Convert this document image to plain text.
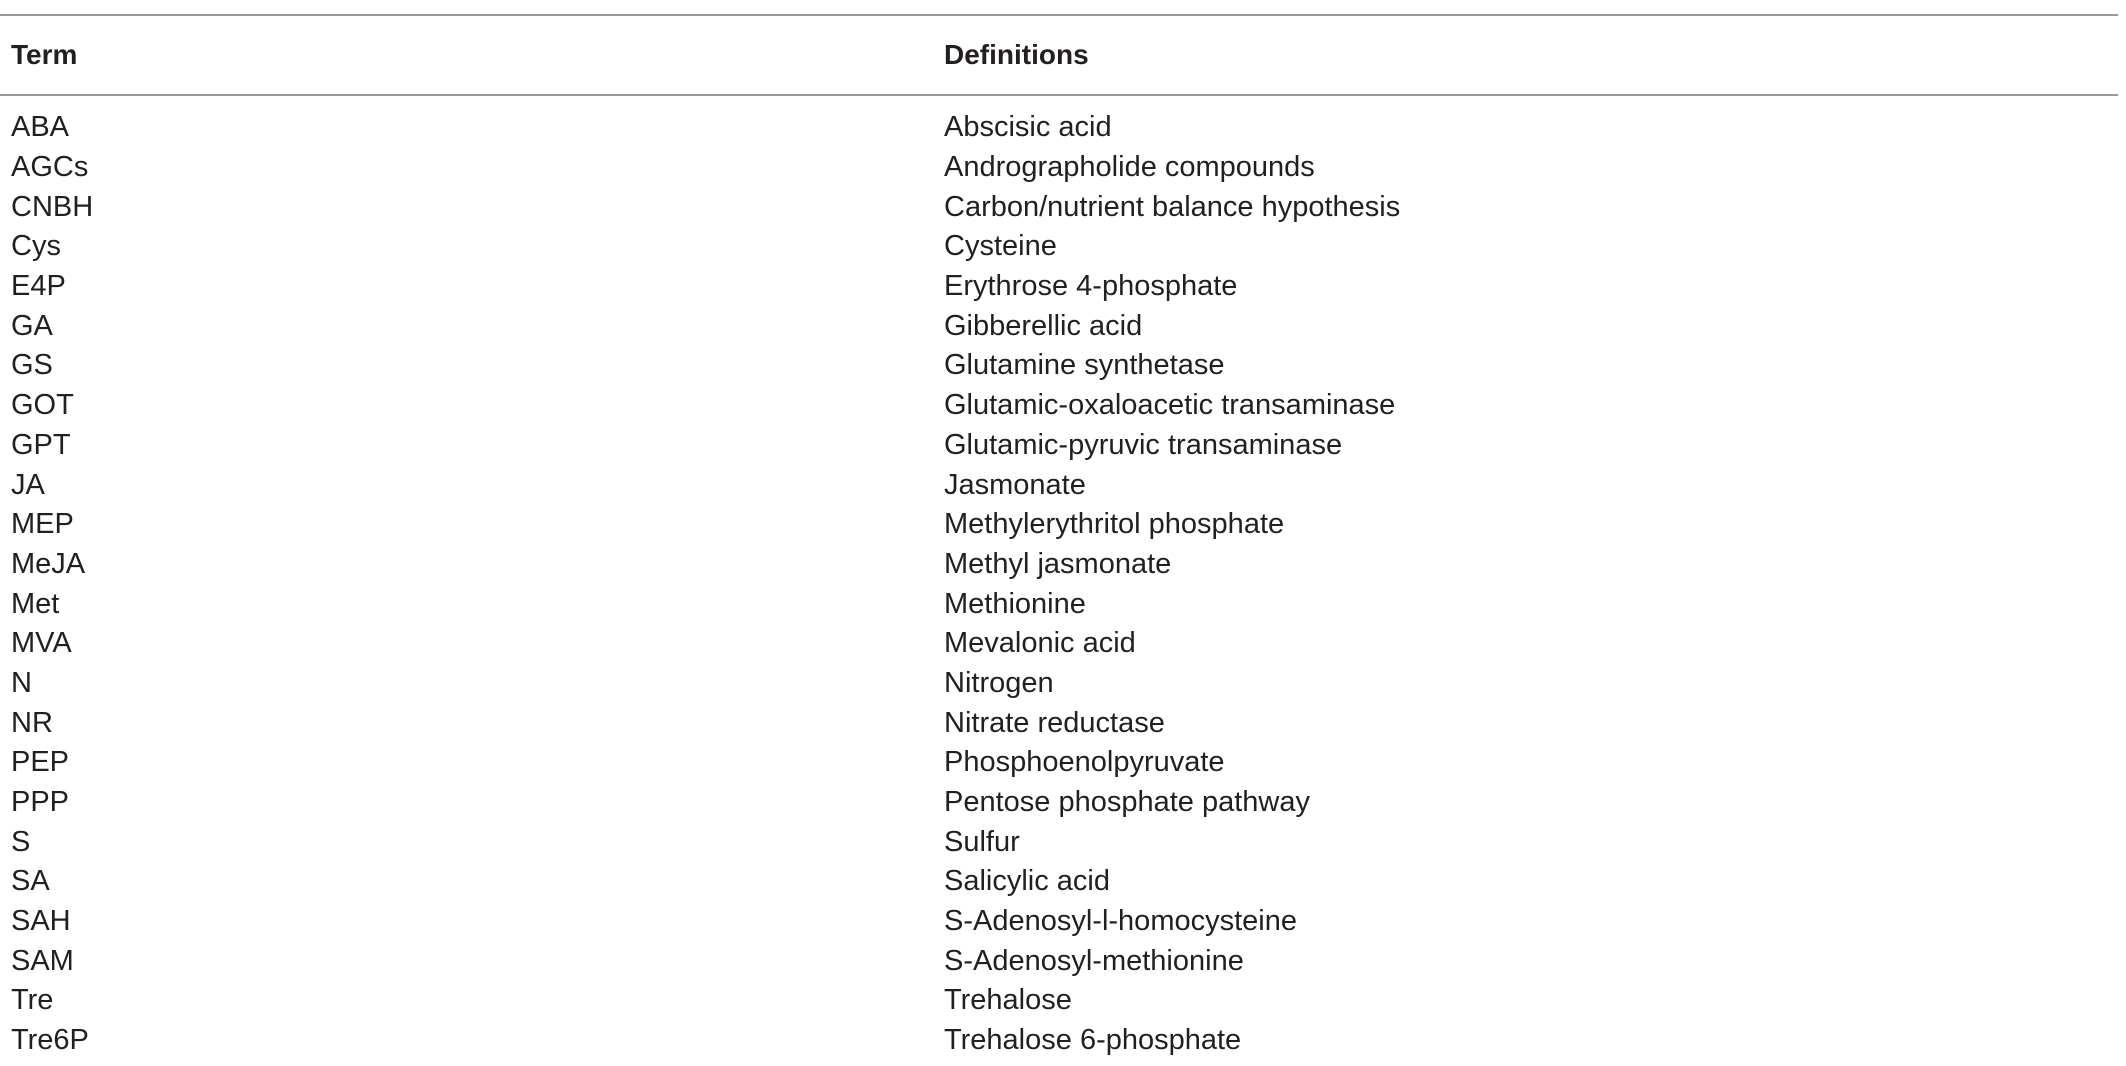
Term	Definitions
ABA	Abscisic acid
AGCs	Andrographolide compounds
CNBH	Carbon/nutrient balance hypothesis
Cys	Cysteine
E4P	Erythrose 4-phosphate
GA	Gibberellic acid
GS	Glutamine synthetase
GOT	Glutamic-oxaloacetic transaminase
GPT	Glutamic-pyruvic transaminase
JA	Jasmonate
MEP	Methylerythritol phosphate
MeJA	Methyl jasmonate
Met	Methionine
MVA	Mevalonic acid
N	Nitrogen
NR	Nitrate reductase
PEP	Phosphoenolpyruvate
PPP	Pentose phosphate pathway
S	Sulfur
SA	Salicylic acid
SAH	S-Adenosyl-l-homocysteine
SAM	S-Adenosyl-methionine
Tre	Trehalose
Tre6P	Trehalose 6-phosphate
